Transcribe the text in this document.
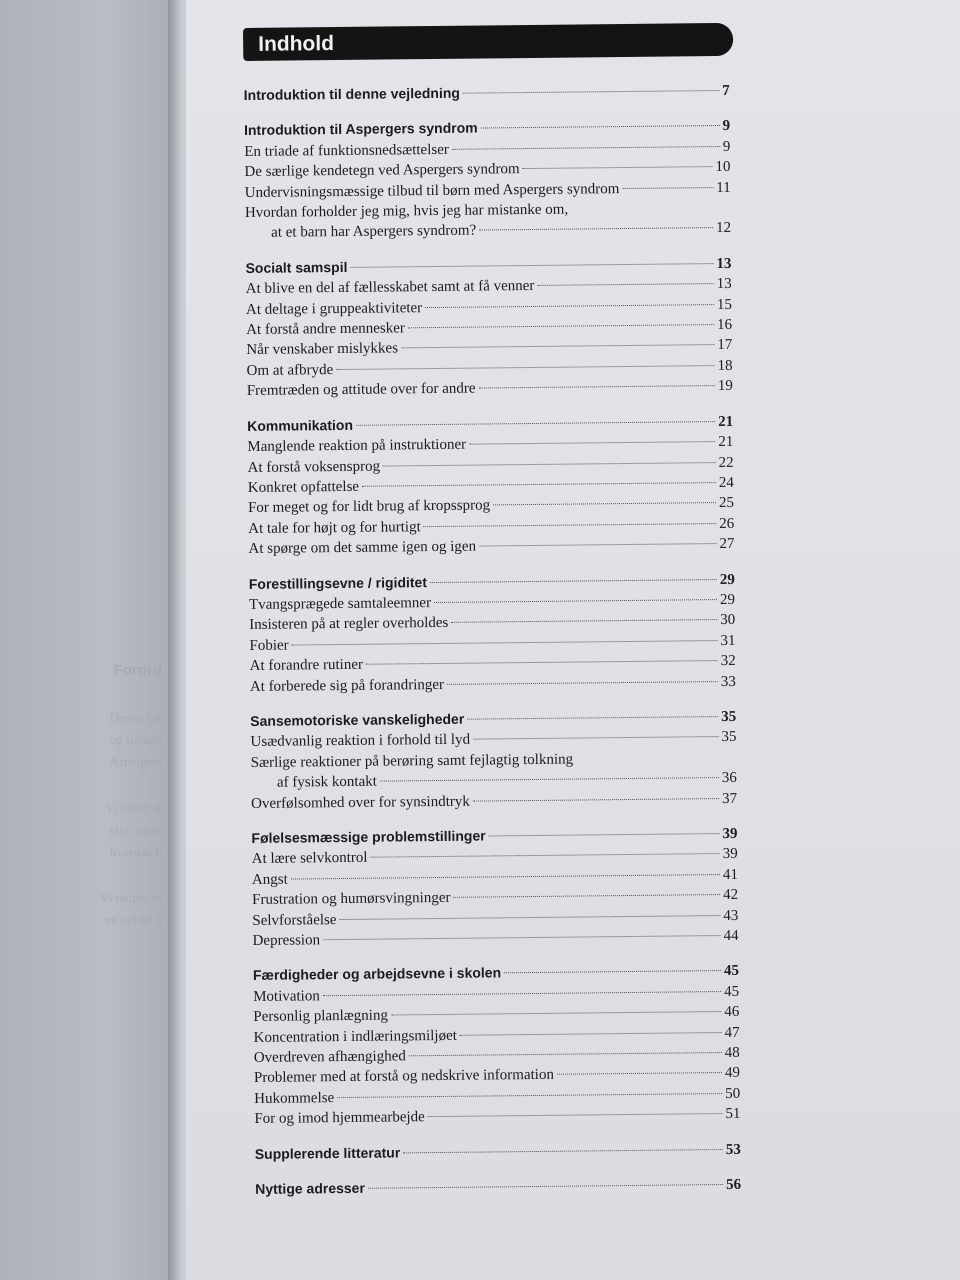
Forord
Denne hæ
og forskel
Aspergers
Vi håber at
eller instit
hvordan h
Vi rådgiv th
en række n
Indhold
Introduktion til denne vejledning	7
Introduktion til Aspergers syndrom	9
En triade af funktionsnedsættelser	9
De særlige kendetegn ved Aspergers syndrom	10
Undervisningsmæssige tilbud til børn med Aspergers syndrom	11
Hvordan forholder jeg mig, hvis jeg har mistanke om,
at et barn har Aspergers syndrom?	12
Socialt samspil	13
At blive en del af fællesskabet samt at få venner	13
At deltage i gruppeaktiviteter	15
At forstå andre mennesker	16
Når venskaber mislykkes	17
Om at afbryde	18
Fremtræden og attitude over for andre	19
Kommunikation	21
Manglende reaktion på instruktioner	21
At forstå voksensprog	22
Konkret opfattelse	24
For meget og for lidt brug af kropssprog	25
At tale for højt og for hurtigt	26
At spørge om det samme igen og igen	27
Forestillingsevne / rigiditet	29
Tvangsprægede samtaleemner	29
Insisteren på at regler overholdes	30
Fobier	31
At forandre rutiner	32
At forberede sig på forandringer	33
Sansemotoriske vanskeligheder	35
Usædvanlig reaktion i forhold til lyd	35
Særlige reaktioner på berøring samt fejlagtig tolkning
af fysisk kontakt	36
Overfølsomhed over for synsindtryk	37
Følelsesmæssige problemstillinger	39
At lære selvkontrol	39
Angst	41
Frustration og humørsvingninger	42
Selvforståelse	43
Depression	44
Færdigheder og arbejdsevne i skolen	45
Motivation	45
Personlig planlægning	46
Koncentration i indlæringsmiljøet	47
Overdreven afhængighed	48
Problemer med at forstå og nedskrive information	49
Hukommelse	50
For og imod hjemmearbejde	51
Supplerende litteratur	53
Nyttige adresser	56
